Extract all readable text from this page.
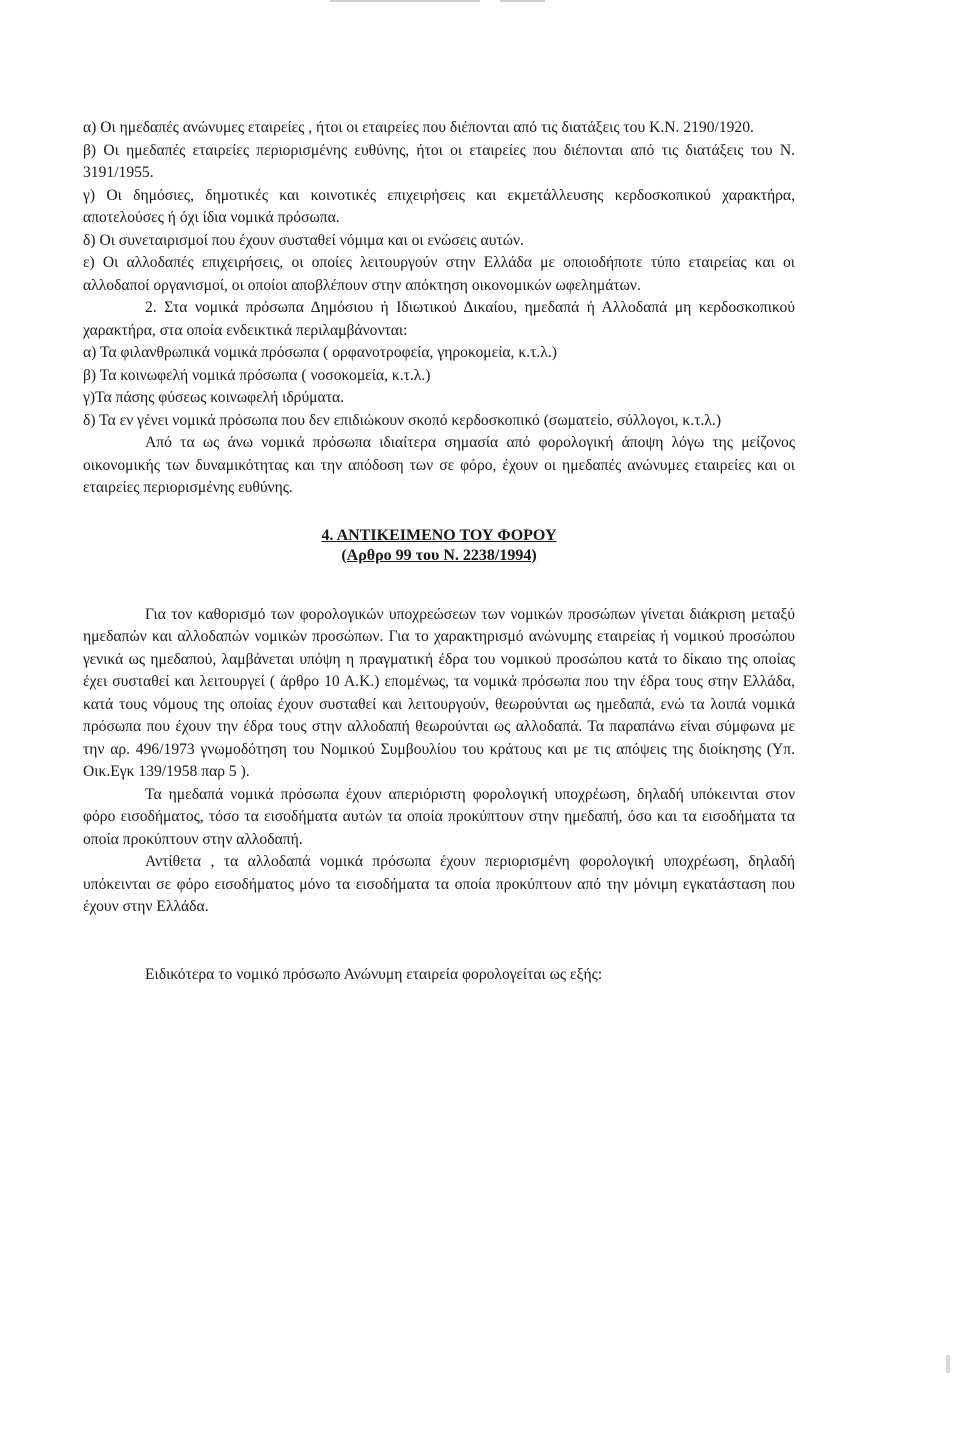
α) Οι ημεδαπές ανώνυμες εταιρείες , ήτοι οι εταιρείες που διέπονται από τις διατάξεις του Κ.Ν. 2190/1920.

β) Οι ημεδαπές εταιρείες περιορισμένης ευθύνης, ήτοι οι εταιρείες που διέπονται από τις διατάξεις του Ν. 3191/1955.

γ) Οι δημόσιες, δημοτικές και κοινοτικές επιχειρήσεις και εκμετάλλευσης κερδοσκοπικού χαρακτήρα, αποτελούσες ή όχι ίδια νομικά πρόσωπα.

δ) Οι συνεταιρισμοί που έχουν συσταθεί νόμιμα και οι ενώσεις αυτών.

ε) Οι αλλοδαπές επιχειρήσεις, οι οποίες λειτουργούν στην Ελλάδα με οποιοδήποτε τύπο εταιρείας και οι αλλοδαποί οργανισμοί, οι οποίοι αποβλέπουν στην απόκτηση οικονομικών ωφελημάτων.

2. Στα νομικά πρόσωπα Δημόσιου ή Ιδιωτικού Δικαίου, ημεδαπά ή Αλλοδαπά μη κερδοσκοπικού χαρακτήρα, στα οποία ενδεικτικά περιλαμβάνονται:

α) Τα φιλανθρωπικά νομικά πρόσωπα ( ορφανοτροφεία, γηροκομεία, κ.τ.λ.)

β) Τα κοινωφελή νομικά πρόσωπα ( νοσοκομεία, κ.τ.λ.)

γ)Τα πάσης φύσεως κοινωφελή ιδρύματα.

δ) Τα εν γένει νομικά πρόσωπα που δεν επιδιώκουν σκοπό κερδοσκοπικό (σωματείο, σύλλογοι, κ.τ.λ.)

Από τα ως άνω νομικά πρόσωπα ιδιαίτερα σημασία από φορολογική άποψη λόγω της μείζονος οικονομικής των δυναμικότητας και την απόδοση των σε φόρο, έχουν οι ημεδαπές ανώνυμες εταιρείες και οι εταιρείες περιορισμένης ευθύνης.

4. ΑΝΤΙΚΕΙΜΕΝΟ ΤΟΥ ΦΟΡΟΥ
(Αρθρο 99 του Ν. 2238/1994)

Για τον καθορισμό των φορολογικών υποχρεώσεων των νομικών προσώπων γίνεται διάκριση μεταξύ ημεδαπών και αλλοδαπών νομικών προσώπων. Για το χαρακτηρισμό ανώνυμης εταιρείας ή νομικού προσώπου γενικά ως ημεδαπού, λαμβάνεται υπόψη η πραγματική έδρα του νομικού προσώπου κατά το δίκαιο της οποίας έχει συσταθεί και λειτουργεί ( άρθρο 10 Α.Κ.) επομένως, τα νομικά πρόσωπα που την έδρα τους στην Ελλάδα, κατά τους νόμους της οποίας έχουν συσταθεί και λειτουργούν, θεωρούνται ως ημεδαπά, ενώ τα λοιπά νομικά πρόσωπα που έχουν την έδρα τους στην αλλοδαπή θεωρούνται ως αλλοδαπά. Τα παραπάνω είναι σύμφωνα με την αρ. 496/1973 γνωμοδότηση του Νομικού Συμβουλίου του κράτους και με τις απόψεις της διοίκησης (Υπ. Οικ.Εγκ 139/1958 παρ 5 ).

Τα ημεδαπά νομικά πρόσωπα έχουν απεριόριστη φορολογική υποχρέωση, δηλαδή υπόκεινται στον φόρο εισοδήματος, τόσο τα εισοδήματα αυτών τα οποία προκύπτουν στην ημεδαπή, όσο και τα εισοδήματα τα οποία προκύπτουν στην αλλοδαπή.

Αντίθετα , τα αλλοδαπά νομικά πρόσωπα έχουν περιορισμένη φορολογική υποχρέωση, δηλαδή υπόκεινται σε φόρο εισοδήματος μόνο τα εισοδήματα τα οποία προκύπτουν από την μόνιμη εγκατάσταση που έχουν στην Ελλάδα.

Ειδικότερα το νομικό πρόσωπο Ανώνυμη εταιρεία φορολογείται ως εξής:
